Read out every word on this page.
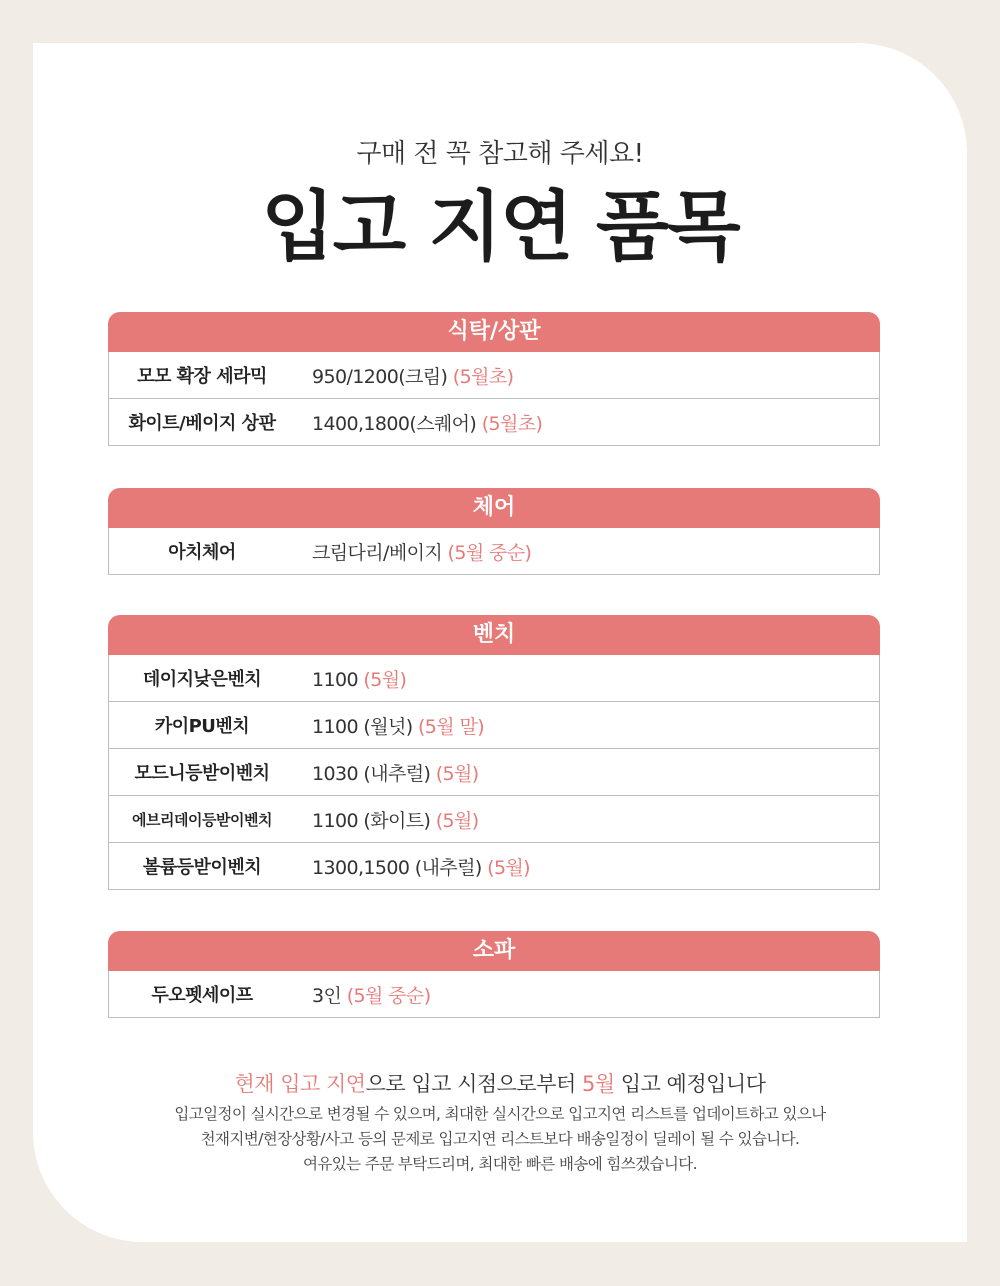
구매 전 꼭 참고해 주세요!
입고 지연 품목
식탁/상판
모모 확장 세라믹	950/1200(크림) (5월초)
화이트/베이지 상판	1400,1800(스퀘어) (5월초)
체어
아치체어	크림다리/베이지 (5월 중순)
벤치
데이지낮은벤치	1100 (5월)
카이PU벤치	1100 (월넛) (5월 말)
모드니등받이벤치	1030 (내추럴) (5월)
에브리데이등받이벤치	1100 (화이트) (5월)
볼륨등받이벤치	1300,1500 (내추럴) (5월)
소파
두오펫세이프	3인 (5월 중순)
현재 입고 지연으로 입고 시점으로부터 5월 입고 예정입니다
입고일정이 실시간으로 변경될 수 있으며, 최대한 실시간으로 입고지연 리스트를 업데이트하고 있으나
천재지변/현장상황/사고 등의 문제로 입고지연 리스트보다 배송일정이 딜레이 될 수 있습니다.
여유있는 주문 부탁드리며, 최대한 빠른 배송에 힘쓰겠습니다.
